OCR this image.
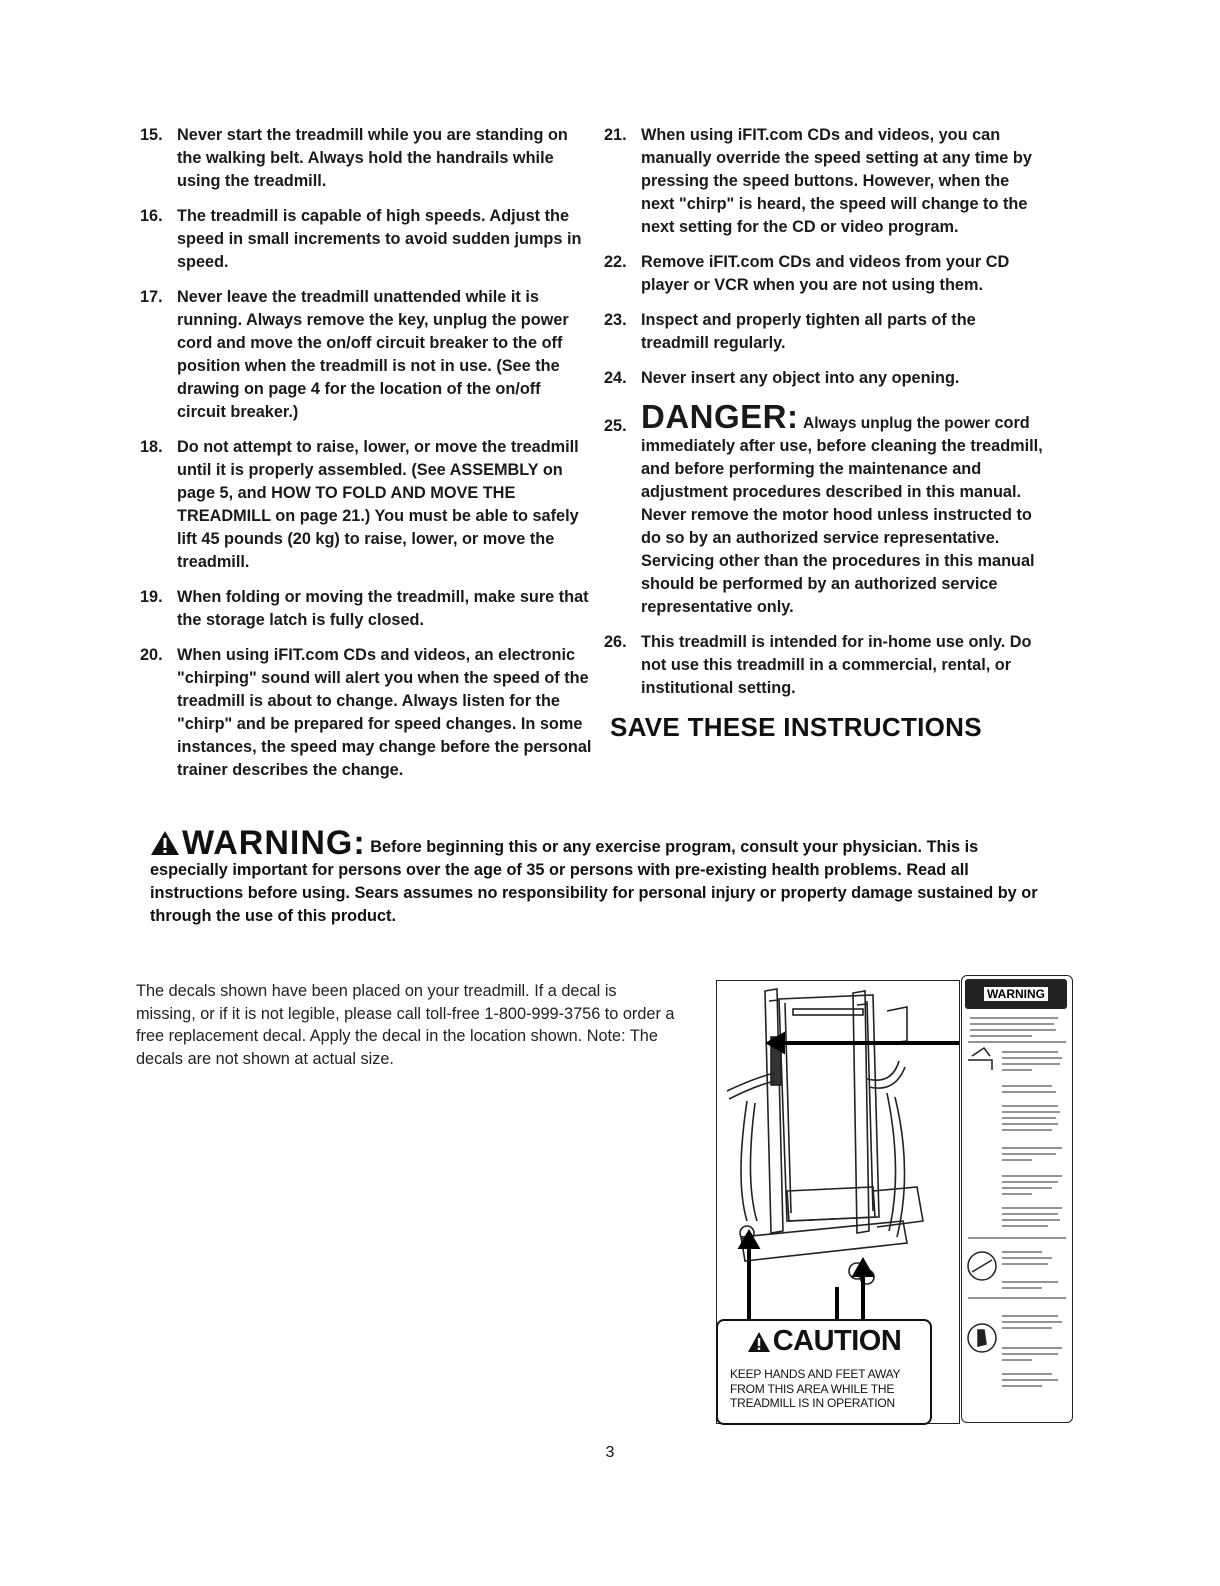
15. Never start the treadmill while you are standing on the walking belt. Always hold the handrails while using the treadmill.
16. The treadmill is capable of high speeds. Adjust the speed in small increments to avoid sudden jumps in speed.
17. Never leave the treadmill unattended while it is running. Always remove the key, unplug the power cord and move the on/off circuit breaker to the off position when the treadmill is not in use. (See the drawing on page 4 for the location of the on/off circuit breaker.)
18. Do not attempt to raise, lower, or move the treadmill until it is properly assembled. (See ASSEMBLY on page 5, and HOW TO FOLD AND MOVE THE TREADMILL on page 21.) You must be able to safely lift 45 pounds (20 kg) to raise, lower, or move the treadmill.
19. When folding or moving the treadmill, make sure that the storage latch is fully closed.
20. When using iFIT.com CDs and videos, an electronic "chirping" sound will alert you when the speed of the treadmill is about to change. Always listen for the "chirp" and be prepared for speed changes. In some instances, the speed may change before the personal trainer describes the change.
21. When using iFIT.com CDs and videos, you can manually override the speed setting at any time by pressing the speed buttons. However, when the next "chirp" is heard, the speed will change to the next setting for the CD or video program.
22. Remove iFIT.com CDs and videos from your CD player or VCR when you are not using them.
23. Inspect and properly tighten all parts of the treadmill regularly.
24. Never insert any object into any opening.
25. DANGER: Always unplug the power cord immediately after use, before cleaning the treadmill, and before performing the maintenance and adjustment procedures described in this manual. Never remove the motor hood unless instructed to do so by an authorized service representative. Servicing other than the procedures in this manual should be performed by an authorized service representative only.
26. This treadmill is intended for in-home use only. Do not use this treadmill in a commercial, rental, or institutional setting.
SAVE THESE INSTRUCTIONS
WARNING: Before beginning this or any exercise program, consult your physician. This is especially important for persons over the age of 35 or persons with pre-existing health problems. Read all instructions before using. Sears assumes no responsibility for personal injury or property damage sustained by or through the use of this product.
The decals shown have been placed on your treadmill. If a decal is missing, or if it is not legible, please call toll-free 1-800-999-3756 to order a free replacement decal. Apply the decal in the location shown. Note: The decals are not shown at actual size.
CAUTION
KEEP HANDS AND FEET AWAY FROM THIS AREA WHILE THE TREADMILL IS IN OPERATION
WARNING
3
